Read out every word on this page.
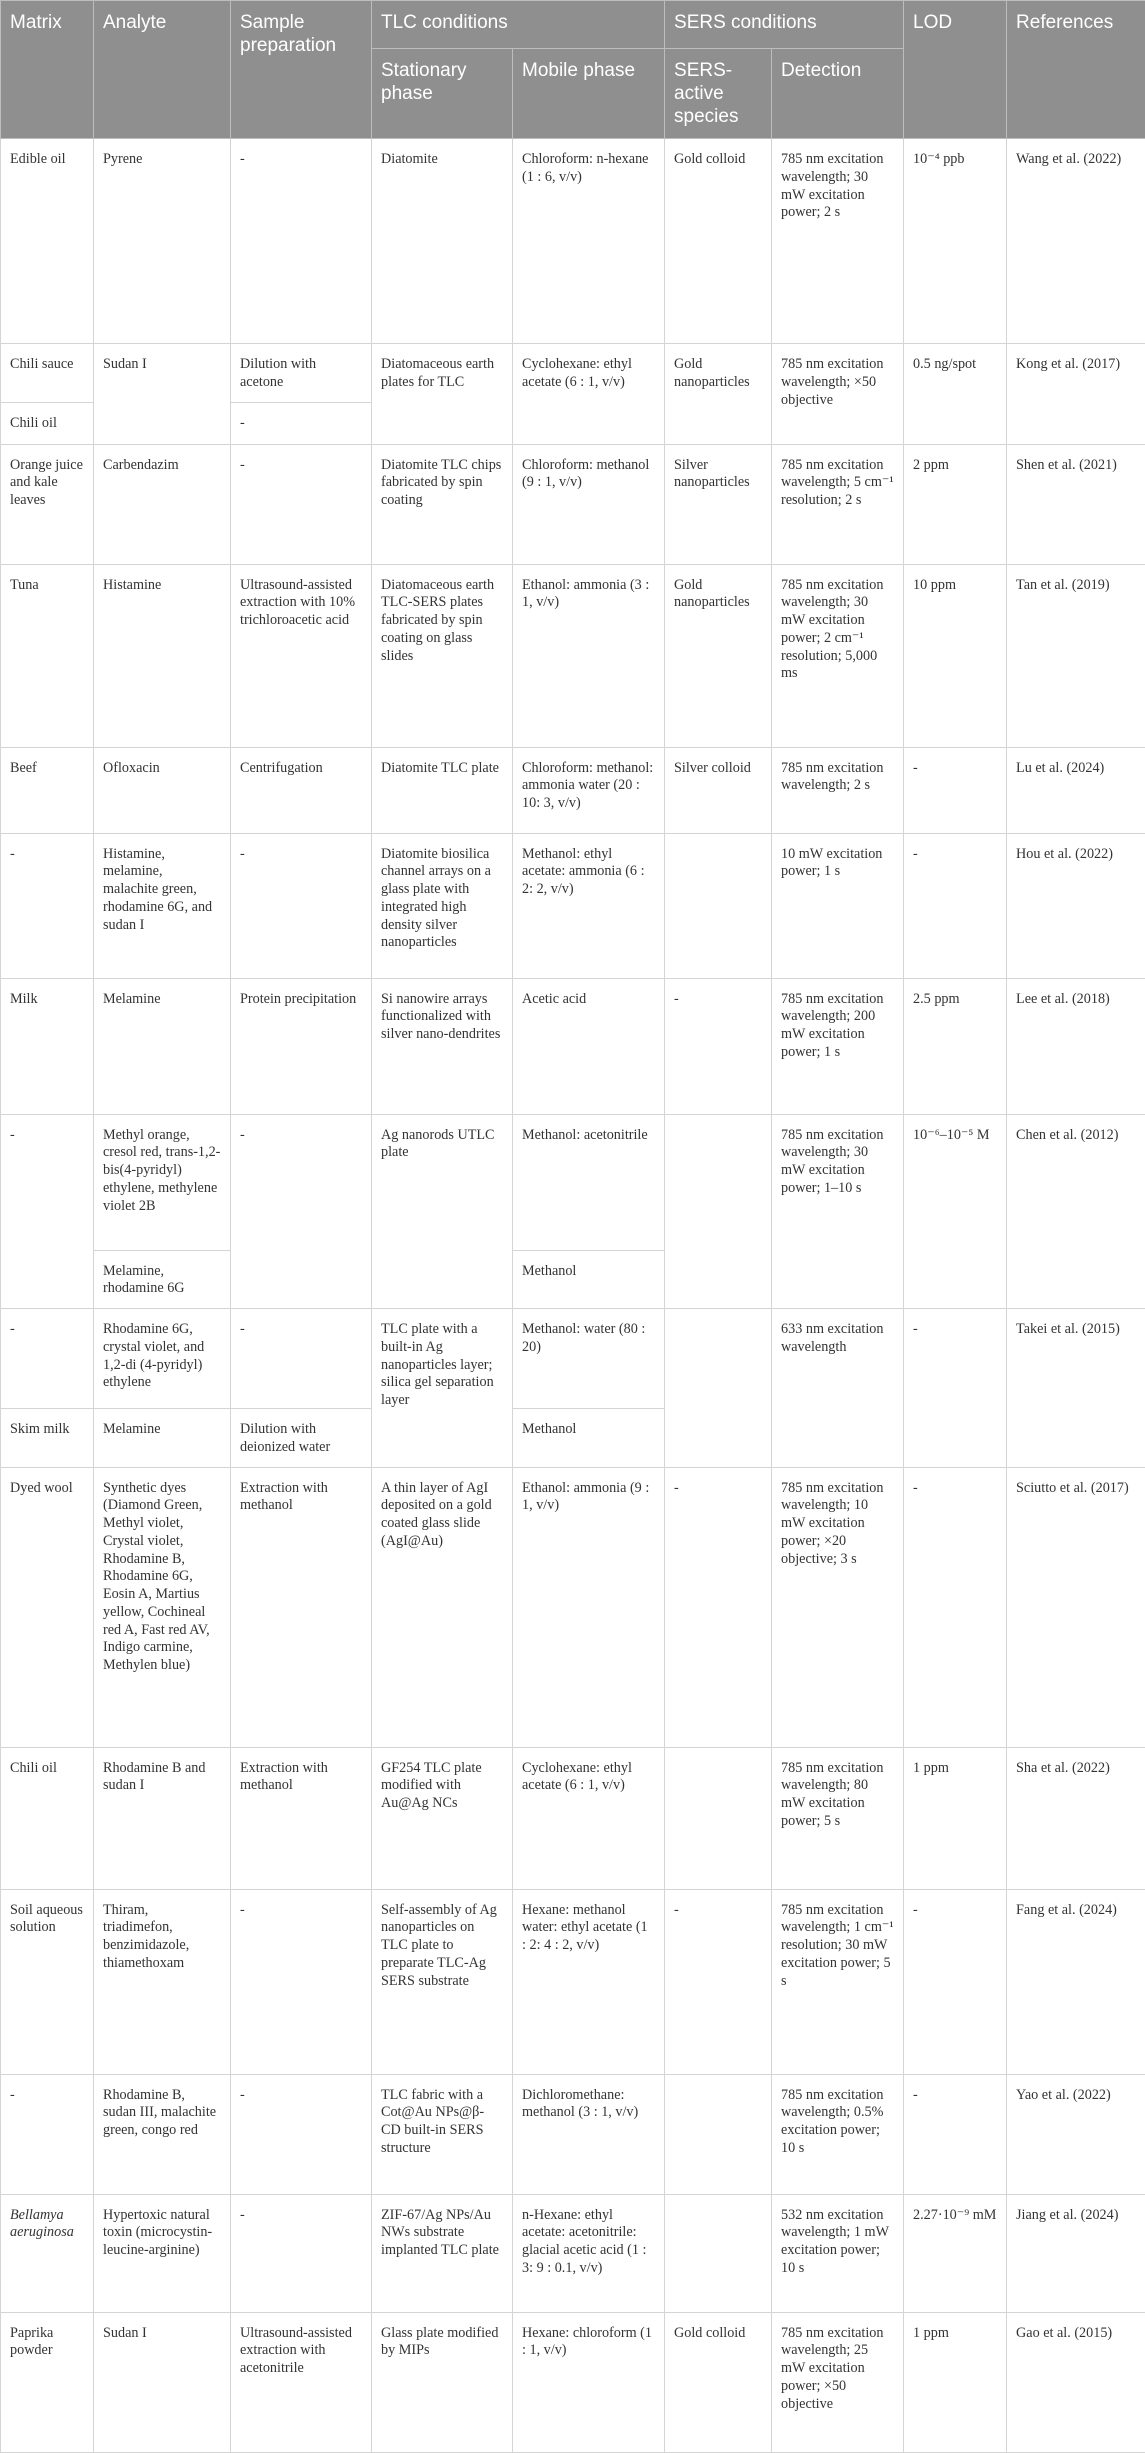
Matrix	Analyte	Sample preparation	TLC conditions		SERS conditions		LOD	References
			Stationary phase	Mobile phase	SERS-active species	Detection		
Edible oil	Pyrene	-	Diatomite	Chloroform: n-hexane (1 : 6, v/v)	Gold colloid	785 nm excitation wavelength; 30 mW excitation power; 2 s	10⁻⁴ ppb	Wang et al. (2022)
Chili sauce	Sudan I	Dilution with acetone	Diatomaceous earth plates for TLC	Cyclohexane: ethyl acetate (6 : 1, v/v)	Gold nanoparticles	785 nm excitation wavelength; ×50 objective	0.5 ng/spot	Kong et al. (2017)
Chili oil		-						
Orange juice and kale leaves	Carbendazim	-	Diatomite TLC chips fabricated by spin coating	Chloroform: methanol (9 : 1, v/v)	Silver nanoparticles	785 nm excitation wavelength; 5 cm⁻¹ resolution; 2 s	2 ppm	Shen et al. (2021)
Tuna	Histamine	Ultrasound-assisted extraction with 10% trichloroacetic acid	Diatomaceous earth TLC-SERS plates fabricated by spin coating on glass slides	Ethanol: ammonia (3 : 1, v/v)	Gold nanoparticles	785 nm excitation wavelength; 30 mW excitation power; 2 cm⁻¹ resolution; 5,000 ms	10 ppm	Tan et al. (2019)
Beef	Ofloxacin	Centrifugation	Diatomite TLC plate	Chloroform: methanol: ammonia water (20 : 10: 3, v/v)	Silver colloid	785 nm excitation wavelength; 2 s	-	Lu et al. (2024)
-	Histamine, melamine, malachite green, rhodamine 6G, and sudan I	-	Diatomite biosilica channel arrays on a glass plate with integrated high density silver nanoparticles	Methanol: ethyl acetate: ammonia (6 : 2: 2, v/v)		10 mW excitation power; 1 s	-	Hou et al. (2022)
Milk	Melamine	Protein precipitation	Si nanowire arrays functionalized with silver nano-dendrites	Acetic acid	-	785 nm excitation wavelength; 200 mW excitation power; 1 s	2.5 ppm	Lee et al. (2018)
-	Methyl orange, cresol red, trans-1,2-bis(4-pyridyl) ethylene, methylene violet 2B	-	Ag nanorods UTLC plate	Methanol: acetonitrile		785 nm excitation wavelength; 30 mW excitation power; 1–10 s	10⁻⁶–10⁻⁵ M	Chen et al. (2012)
	Melamine, rhodamine 6G			Methanol				
-	Rhodamine 6G, crystal violet, and 1,2-di (4-pyridyl) ethylene	-	TLC plate with a built-in Ag nanoparticles layer; silica gel separation layer	Methanol: water (80 : 20)		633 nm excitation wavelength	-	Takei et al. (2015)
Skim milk	Melamine	Dilution with deionized water		Methanol				
Dyed wool	Synthetic dyes (Diamond Green, Methyl violet, Crystal violet, Rhodamine B, Rhodamine 6G, Eosin A, Martius yellow, Cochineal red A, Fast red AV, Indigo carmine, Methylen blue)	Extraction with methanol	A thin layer of AgI deposited on a gold coated glass slide (AgI@Au)	Ethanol: ammonia (9 : 1, v/v)	-	785 nm excitation wavelength; 10 mW excitation power; ×20 objective; 3 s	-	Sciutto et al. (2017)
Chili oil	Rhodamine B and sudan I	Extraction with methanol	GF254 TLC plate modified with Au@Ag NCs	Cyclohexane: ethyl acetate (6 : 1, v/v)		785 nm excitation wavelength; 80 mW excitation power; 5 s	1 ppm	Sha et al. (2022)
Soil aqueous solution	Thiram, triadimefon, benzimidazole, thiamethoxam	-	Self-assembly of Ag nanoparticles on TLC plate to preparate TLC-Ag SERS substrate	Hexane: methanol water: ethyl acetate (1 : 2: 4 : 2, v/v)	-	785 nm excitation wavelength; 1 cm⁻¹ resolution; 30 mW excitation power; 5 s	-	Fang et al. (2024)
-	Rhodamine B, sudan III, malachite green, congo red	-	TLC fabric with a Cot@Au NPs@β-CD built-in SERS structure	Dichloromethane: methanol (3 : 1, v/v)		785 nm excitation wavelength; 0.5% excitation power; 10 s	-	Yao et al. (2022)
Bellamya aeruginosa	Hypertoxic natural toxin (microcystin-leucine-arginine)	-	ZIF-67/Ag NPs/Au NWs substrate implanted TLC plate	n-Hexane: ethyl acetate: acetonitrile: glacial acetic acid (1 : 3: 9 : 0.1, v/v)		532 nm excitation wavelength; 1 mW excitation power; 10 s	2.27·10⁻⁹ mM	Jiang et al. (2024)
Paprika powder	Sudan I	Ultrasound-assisted extraction with acetonitrile	Glass plate modified by MIPs	Hexane: chloroform (1 : 1, v/v)	Gold colloid	785 nm excitation wavelength; 25 mW excitation power; ×50 objective	1 ppm	Gao et al. (2015)
